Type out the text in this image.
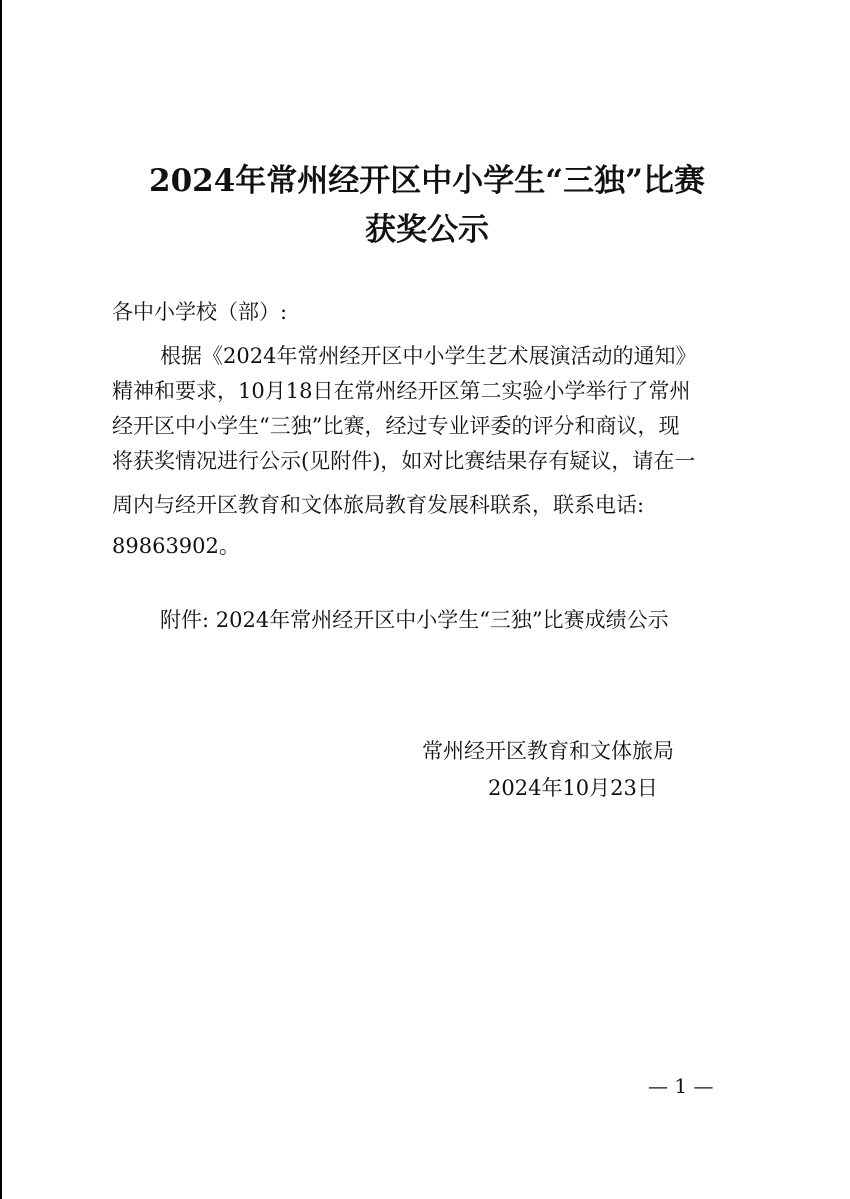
2024年常州经开区中小学生“三独”比赛
获奖公示
各中小学校（部）:
根据《2024年常州经开区中小学生艺术展演活动的通知》
精神和要求，10月18日在常州经开区第二实验小学举行了常州
经开区中小学生“三独”比赛，经过专业评委的评分和商议，现
将获奖情况进行公示(见附件)，如对比赛结果存有疑议，请在一
周内与经开区教育和文体旅局教育发展科联系，联系电话:
89863902。
附件: 2024年常州经开区中小学生“三独”比赛成绩公示
常州经开区教育和文体旅局
2024年10月23日
— 1 —
